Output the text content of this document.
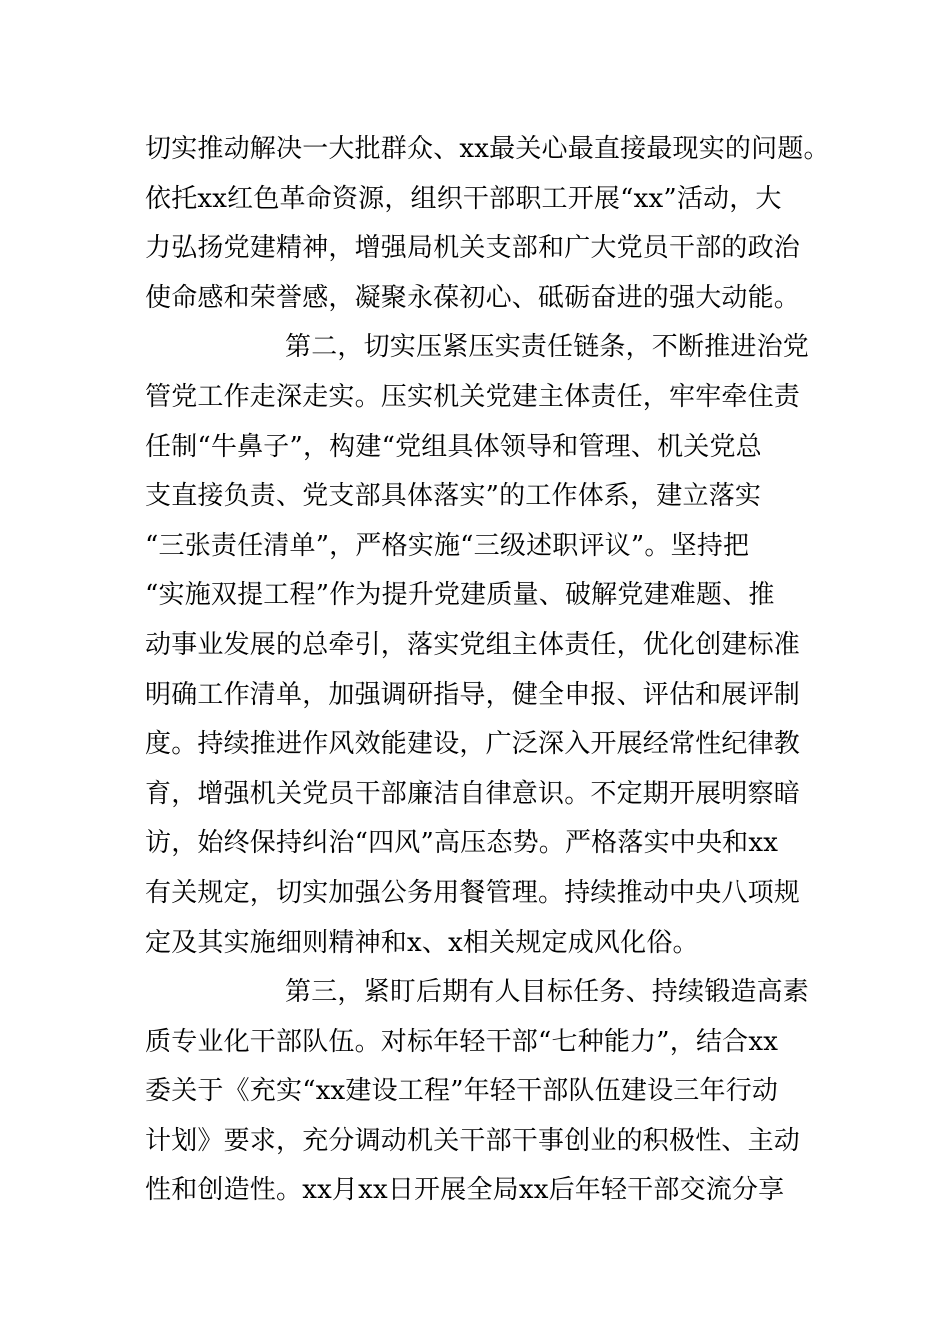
切实推动解决一大批群众、xx最关心最直接最现实的问题。
依托xx红色革命资源，组织干部职工开展“xx”活动，大
力弘扬党建精神，增强局机关支部和广大党员干部的政治
使命感和荣誉感，凝聚永葆初心、砥砺奋进的强大动能。
第二，切实压紧压实责任链条，不断推进治党
管党工作走深走实。压实机关党建主体责任，牢牢牵住责
任制“牛鼻子”，构建“党组具体领导和管理、机关党总
支直接负责、党支部具体落实”的工作体系，建立落实
“三张责任清单”，严格实施“三级述职评议”。坚持把
“实施双提工程”作为提升党建质量、破解党建难题、推
动事业发展的总牵引，落实党组主体责任，优化创建标准
明确工作清单，加强调研指导，健全申报、评估和展评制
度。持续推进作风效能建设，广泛深入开展经常性纪律教
育，增强机关党员干部廉洁自律意识。不定期开展明察暗
访，始终保持纠治“四风”高压态势。严格落实中央和xx
有关规定，切实加强公务用餐管理。持续推动中央八项规
定及其实施细则精神和x、x相关规定成风化俗。
第三，紧盯后期有人目标任务、持续锻造高素
质专业化干部队伍。对标年轻干部“七种能力”，结合xx
委关于《充实“xx建设工程”年轻干部队伍建设三年行动
计划》要求，充分调动机关干部干事创业的积极性、主动
性和创造性。xx月xx日开展全局xx后年轻干部交流分享
